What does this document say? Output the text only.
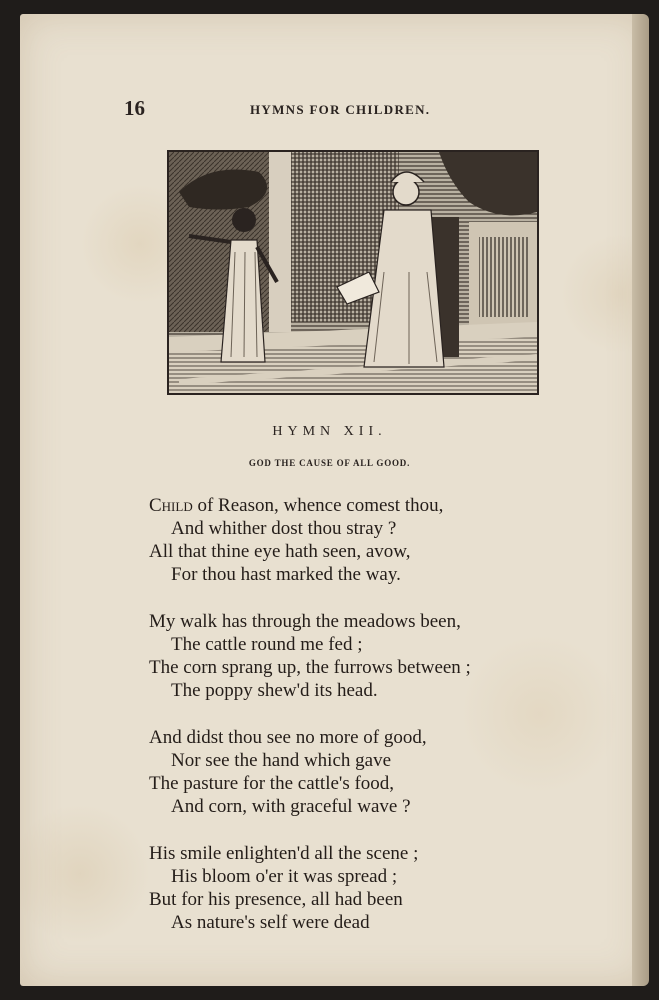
16	HYMNS FOR CHILDREN.
HYMN XII.
GOD THE CAUSE OF ALL GOOD.
Child of Reason, whence comest thou,
And whither dost thou stray ?
All that thine eye hath seen, avow,
For thou hast marked the way.
My walk has through the meadows been,
The cattle round me fed ;
The corn sprang up, the furrows between ;
The poppy shew'd its head.
And didst thou see no more of good,
Nor see the hand which gave
The pasture for the cattle's food,
And corn, with graceful wave ?
His smile enlighten'd all the scene ;
His bloom o'er it was spread ;
But for his presence, all had been
As nature's self were dead
